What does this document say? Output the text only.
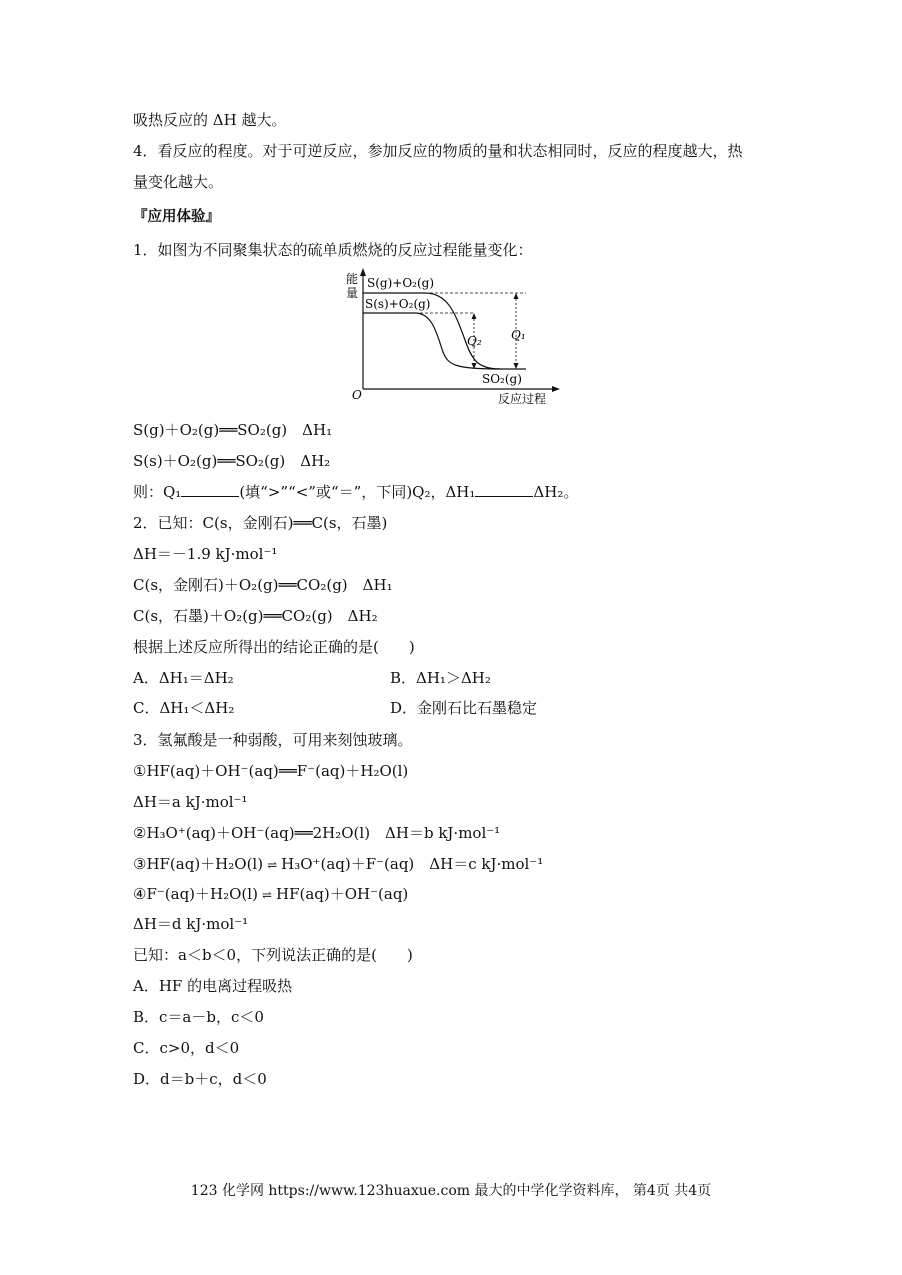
吸热反应的 ΔH 越大。
4．看反应的程度。对于可逆反应，参加反应的物质的量和状态相同时，反应的程度越大，热
量变化越大。
『应用体验』
1．如图为不同聚集状态的硫单质燃烧的反应过程能量变化：
能
量
S(g)+O₂(g)
S(s)+O₂(g)
SO₂(g)
Q₂ Q₁
O	反应过程
S(g)＋O₂(g)══SO₂(g)　ΔH₁
S(s)＋O₂(g)══SO₂(g)　ΔH₂
则：Q₁	(填“>”“<”或“＝”，下同)Q₂，ΔH₁	ΔH₂。
2．已知：C(s，金刚石)══C(s，石墨)
ΔH＝－1.9 kJ·mol⁻¹
C(s，金刚石)＋O₂(g)══CO₂(g)　ΔH₁
C(s，石墨)＋O₂(g)══CO₂(g)　ΔH₂
根据上述反应所得出的结论正确的是(　　)
A．ΔH₁＝ΔH₂	B．ΔH₁＞ΔH₂
C．ΔH₁＜ΔH₂	D．金刚石比石墨稳定
3．氢氟酸是一种弱酸，可用来刻蚀玻璃。
①HF(aq)＋OH⁻(aq)══F⁻(aq)＋H₂O(l)
ΔH＝a kJ·mol⁻¹
②H₃O⁺(aq)＋OH⁻(aq)══2H₂O(l)　ΔH＝b kJ·mol⁻¹
③HF(aq)＋H₂O(l) ⇌ H₃O⁺(aq)＋F⁻(aq)　ΔH＝c kJ·mol⁻¹
④F⁻(aq)＋H₂O(l) ⇌ HF(aq)＋OH⁻(aq)
ΔH＝d kJ·mol⁻¹
已知：a＜b＜0，下列说法正确的是(　　)
A．HF 的电离过程吸热
B．c＝a－b，c＜0
C．c>0，d＜0
D．d＝b＋c，d＜0
123 化学网 https://www.123huaxue.com 最大的中学化学资料库， 第4页 共4页
